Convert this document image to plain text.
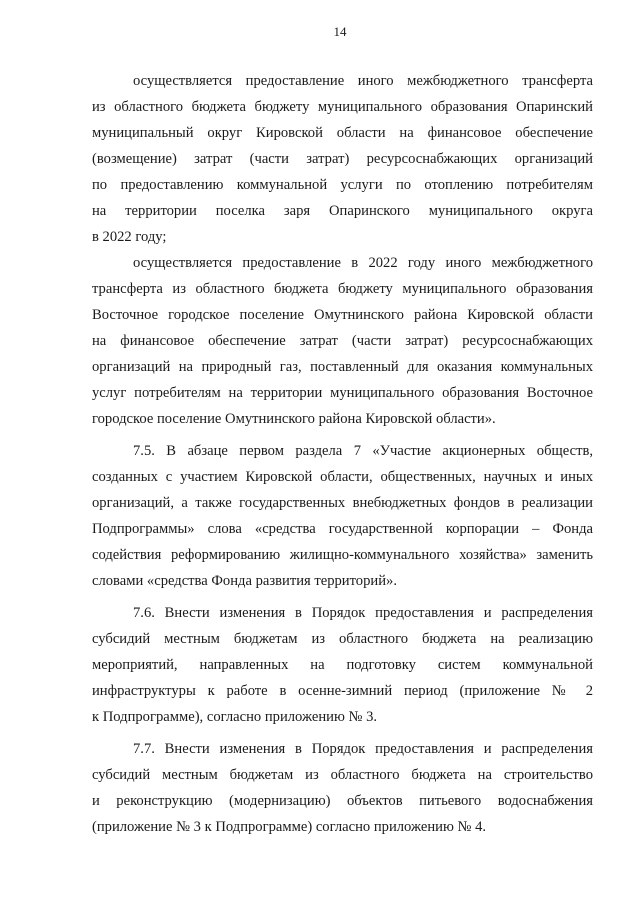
14
осуществляется предоставление иного межбюджетного трансферта
из областного бюджета бюджету муниципального образования Опаринский
муниципальный округ Кировской области на финансовое обеспечение
(возмещение) затрат (части затрат) ресурсоснабжающих организаций
по предоставлению коммунальной услуги по отоплению потребителям
на территории поселка заря Опаринского муниципального округа
в 2022 году;
осуществляется предоставление в 2022 году иного межбюджетного
трансферта из областного бюджета бюджету муниципального образования
Восточное городское поселение Омутнинского района Кировской области
на финансовое обеспечение затрат (части затрат) ресурсоснабжающих
организаций на природный газ, поставленный для оказания коммунальных
услуг потребителям на территории муниципального образования Восточное
городское поселение Омутнинского района Кировской области».
7.5. В абзаце первом раздела 7 «Участие акционерных обществ,
созданных с участием Кировской области, общественных, научных и иных
организаций, а также государственных внебюджетных фондов в реализации
Подпрограммы» слова «средства государственной корпорации – Фонда
содействия реформированию жилищно-коммунального хозяйства» заменить
словами «средства Фонда развития территорий».
7.6. Внести изменения в Порядок предоставления и распределения
субсидий местным бюджетам из областного бюджета на реализацию
мероприятий, направленных на подготовку систем коммунальной
инфраструктуры к работе в осенне-зимний период (приложение № 2
к Подпрограмме), согласно приложению № 3.
7.7. Внести изменения в Порядок предоставления и распределения
субсидий местным бюджетам из областного бюджета на строительство
и реконструкцию (модернизацию) объектов питьевого водоснабжения
(приложение № 3 к Подпрограмме) согласно приложению № 4.
